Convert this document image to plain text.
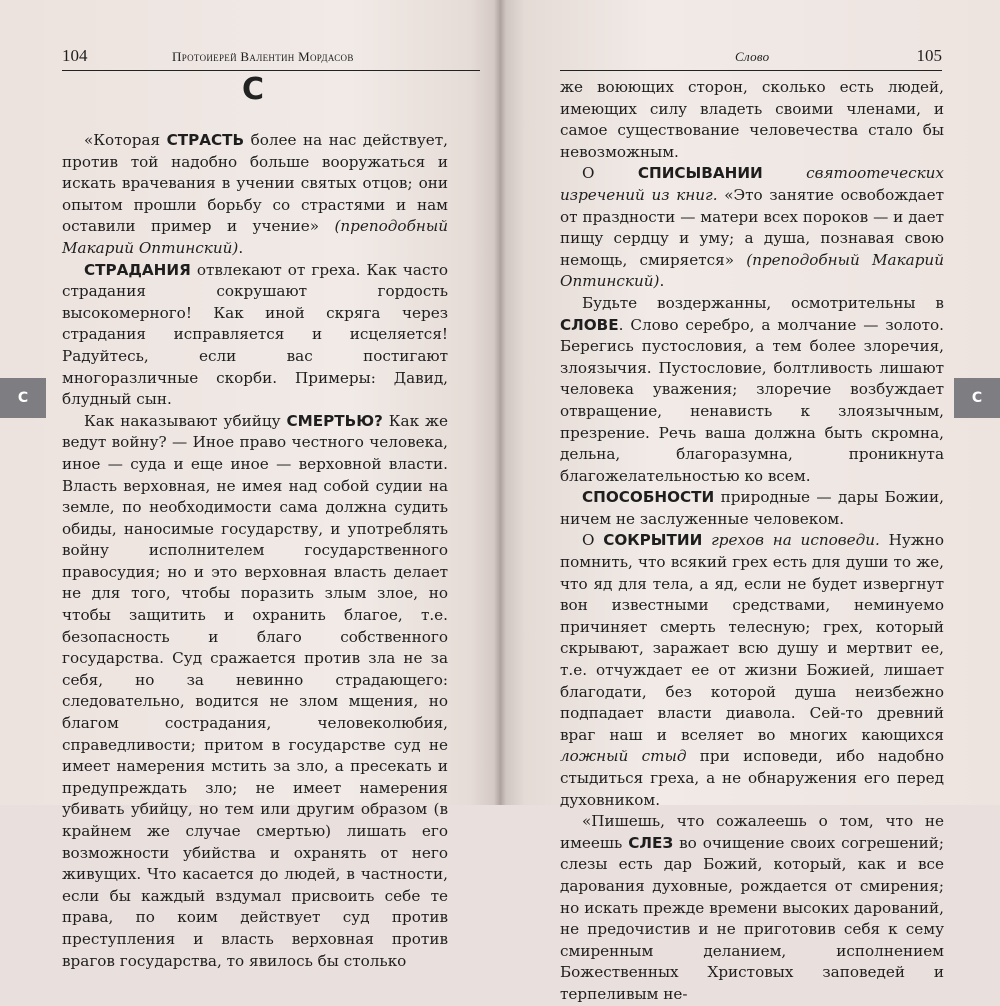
104	Протоиерей Валентин Мордасов
С

«Которая СТРАСТЬ более на нас действует, против той надобно больше вооружаться и искать врачевания в учении святых отцов; они опытом прошли борьбу со страстями и нам оставили пример и учение» (преподобный Макарий Оптинский).

СТРАДАНИЯ отвлекают от греха. Как часто страдания сокрушают гордость высокомерного! Как иной скряга через страдания исправляется и исцеляется! Радуйтесь, если вас постигают многоразличные скорби. Примеры: Давид, блудный сын.

Как наказывают убийцу СМЕРТЬЮ? Как же ведут войну? — Иное право честного человека, иное — суда и еще иное — верховной власти. Власть верховная, не имея над собой судии на земле, по необходимости сама должна судить обиды, наносимые государству, и употреблять войну исполнителем государственного правосудия; но и это верховная власть делает не для того, чтобы поразить злым злое, но чтобы защитить и охранить благое, т.е. безопасность и благо собственного государства. Суд сражается против зла не за себя, но за невинно страдающего: следовательно, водится не злом мщения, но благом сострадания, человеколюбия, справедливости; притом в государстве суд не имеет намерения мстить за зло, а пресекать и предупреждать зло; не имеет намерения убивать убийцу, но тем или другим образом (в крайнем же случае смертью) лишать его возможности убийства и охранять от него живущих. Что касается до людей, в частности, если бы каждый вздумал присвоить себе те права, по коим действует суд против преступления и власть верховная против врагов государства, то явилось бы столько

С
Слово	105

же воюющих сторон, сколько есть людей, имеющих силу владеть своими членами, и самое существование человечества стало бы невозможным.

О СПИСЫВАНИИ святоотеческих изречений из книг. «Это занятие освобождает от праздности — матери всех пороков — и дает пищу сердцу и уму; а душа, познавая свою немощь, смиряется» (преподобный Макарий Оптинский).

Будьте воздержанны, осмотрительны в СЛОВЕ. Слово серебро, а молчание — золото. Берегись пустословия, а тем более злоречия, злоязычия. Пустословие, болтливость лишают человека уважения; злоречие возбуждает отвращение, ненависть к злоязычным, презрение. Речь ваша должна быть скромна, дельна, благоразумна, проникнута благожелательностью ко всем.

СПОСОБНОСТИ природные — дары Божии, ничем не заслуженные человеком.

О СОКРЫТИИ грехов на исповеди. Нужно помнить, что всякий грех есть для души то же, что яд для тела, а яд, если не будет извергнут вон известными средствами, неминуемо причиняет смерть телесную; грех, который скрывают, заражает всю душу и мертвит ее, т.е. отчуждает ее от жизни Божией, лишает благодати, без которой душа неизбежно подпадает власти диавола. Сей-то древний враг наш и вселяет во многих кающихся ложный стыд при исповеди, ибо надобно стыдиться греха, а не обнаружения его перед духовником.

«Пишешь, что сожалеешь о том, что не имеешь СЛЕЗ во очищение своих согрешений; слезы есть дар Божий, который, как и все дарования духовные, рождается от смирения; но искать прежде времени высоких дарований, не предочистив и не приготовив себя к сему смиренным деланием, исполнением Божественных Христовых заповедей и терпеливым не-

С
